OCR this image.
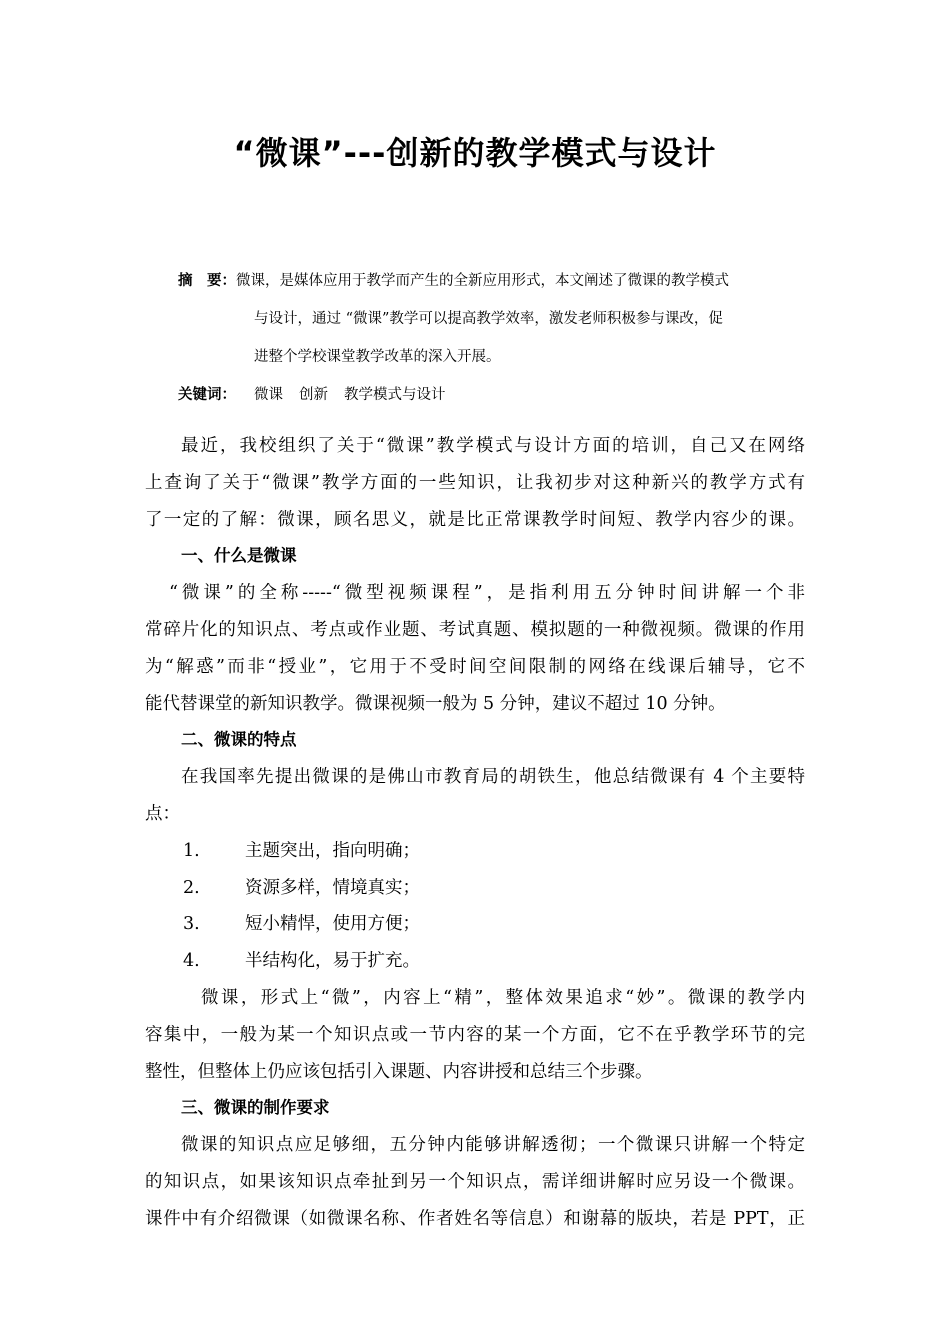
“微课”---创新的教学模式与设计
摘　要：微课，是媒体应用于教学而产生的全新应用形式，本文阐述了微课的教学模式
与设计，通过 “微课”教学可以提高教学效率，激发老师积极参与课改，促
进整个学校课堂教学改革的深入开展。
关键词： 微课 创新 教学模式与设计
最近，我校组织了关于“微课”教学模式与设计方面的培训，自己又在网络
上查询了关于“微课”教学方面的一些知识，让我初步对这种新兴的教学方式有
了一定的了解：微课，顾名思义，就是比正常课教学时间短、教学内容少的课。
一、什么是微课
“微课”的全称-----“微型视频课程”，是指利用五分钟时间讲解一个非
常碎片化的知识点、考点或作业题、考试真题、模拟题的一种微视频。微课的作用
为“解惑”而非“授业”，它用于不受时间空间限制的网络在线课后辅导，它不
能代替课堂的新知识教学。微课视频一般为 5 分钟，建议不超过 10 分钟。
二、微课的特点
在我国率先提出微课的是佛山市教育局的胡铁生，他总结微课有 4 个主要特
点：
1.	主题突出，指向明确；
2.	资源多样，情境真实；
3.	短小精悍，使用方便；
4.	半结构化，易于扩充。
微课，形式上“微”，内容上“精”，整体效果追求“妙”。微课的教学内
容集中，一般为某一个知识点或一节内容的某一个方面，它不在乎教学环节的完
整性，但整体上仍应该包括引入课题、内容讲授和总结三个步骤。
三、微课的制作要求
微课的知识点应足够细，五分钟内能够讲解透彻；一个微课只讲解一个特定
的知识点，如果该知识点牵扯到另一个知识点，需详细讲解时应另设一个微课。
课件中有介绍微课（如微课名称、作者姓名等信息）和谢幕的版块，若是 PPT，正
